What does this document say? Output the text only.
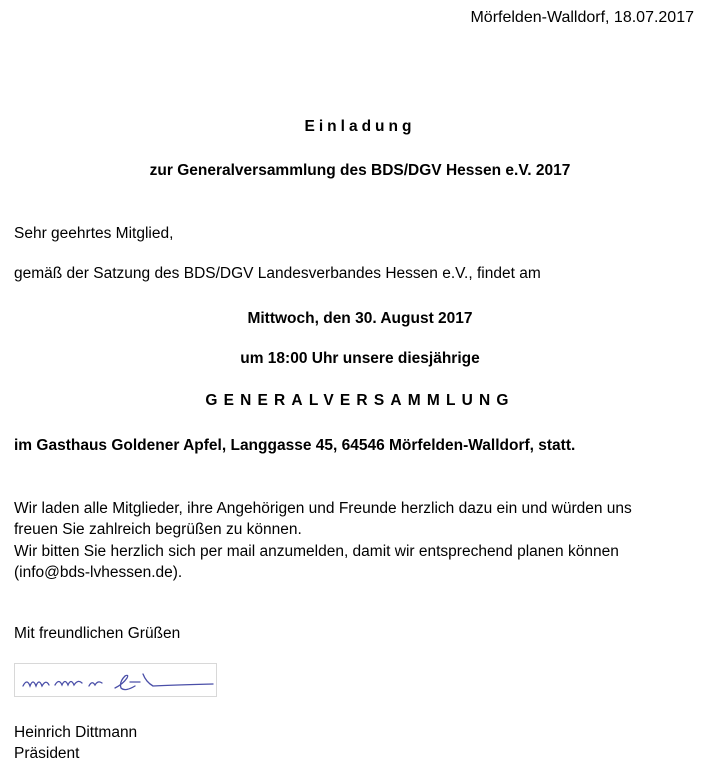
Mörfelden-Walldorf, 18.07.2017
Einladung
zur Generalversammlung des BDS/DGV Hessen e.V. 2017
Sehr geehrtes Mitglied,
gemäß der Satzung des BDS/DGV Landesverbandes Hessen e.V., findet am
Mittwoch, den 30. August 2017
um 18:00 Uhr unsere diesjährige
GENERALVERSAMMLUNG
im Gasthaus Goldener Apfel, Langgasse 45, 64546 Mörfelden-Walldorf, statt.
Wir laden alle Mitglieder, ihre Angehörigen und Freunde herzlich dazu ein und würden uns
freuen Sie zahlreich begrüßen zu können.
Wir bitten Sie herzlich sich per mail anzumelden, damit wir entsprechend planen können
(info@bds-lvhessen.de).
Mit freundlichen Grüßen
Heinrich Dittmann
Präsident
